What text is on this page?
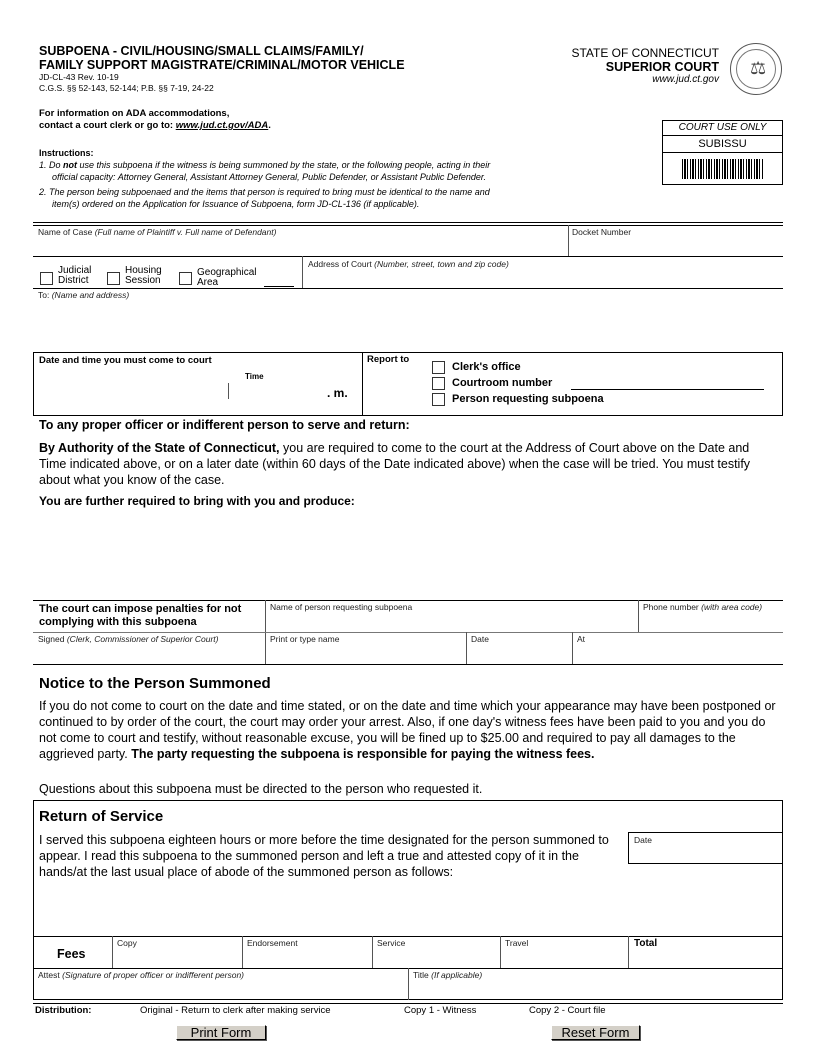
SUBPOENA - CIVIL/HOUSING/SMALL CLAIMS/FAMILY/
FAMILY SUPPORT MAGISTRATE/CRIMINAL/MOTOR VEHICLE
JD-CL-43 Rev. 10-19
C.G.S. §§ 52-143, 52-144; P.B. §§ 7-19, 24-22
STATE OF CONNECTICUT
SUPERIOR COURT
www.jud.ct.gov
⚖
For information on ADA accommodations,
contact a court clerk or go to: www.jud.ct.gov/ADA.	COURT USE ONLY
SUBISSU
Instructions:
1. Do not use this subpoena if the witness is being summoned by the state, or the following people, acting in their
official capacity: Attorney General, Assistant Attorney General, Public Defender, or Assistant Public Defender.
2. The person being subpoenaed and the items that person is required to bring must be identical to the name and
item(s) ordered on the Application for Issuance of Subpoena, form JD-CL-136 (if applicable).
Name of Case (Full name of Plaintiff v. Full name of Defendant)	Docket Number
Address of Court (Number, street, town and zip code)
Judicial
District
Housing
Session
Geographical
Area
To: (Name and address)
Date and time you must come to court
Time
. m.
Report to
Clerk's office
Courtroom number
Person requesting subpoena
To any proper officer or indifferent person to serve and return:
By Authority of the State of Connecticut, you are required to come to the court at the Address of Court above on the Date and Time indicated above, or on a later date (within 60 days of the Date indicated above) when the case will be tried. You must testify about what you know of the case.
You are further required to bring with you and produce:
The court can impose penalties for not complying with this subpoena
Name of person requesting subpoena	Phone number (with area code)
Signed (Clerk, Commissioner of Superior Court)	Print or type name	Date	At
Notice to the Person Summoned
If you do not come to court on the date and time stated, or on the date and time which your appearance may have been postponed or continued to by order of the court, the court may order your arrest. Also, if one day's witness fees have been paid to you and you do not come to court and testify, without reasonable excuse, you will be fined up to $25.00 and required to pay all damages to the aggrieved party. The party requesting the subpoena is responsible for paying the witness fees.
Questions about this subpoena must be directed to the person who requested it.
Return of Service
I served this subpoena eighteen hours or more before the time designated for the person summoned to appear. I read this subpoena to the summoned person and left a true and attested copy of it in the hands/at the last usual place of abode of the summoned person as follows:
Date
Fees
Copy	Endorsement	Service	Travel	Total
Attest (Signature of proper officer or indifferent person)	Title (If applicable)
Distribution:	Original - Return to clerk after making service	Copy 1 - Witness	Copy 2 - Court file
Print Form	Reset Form
